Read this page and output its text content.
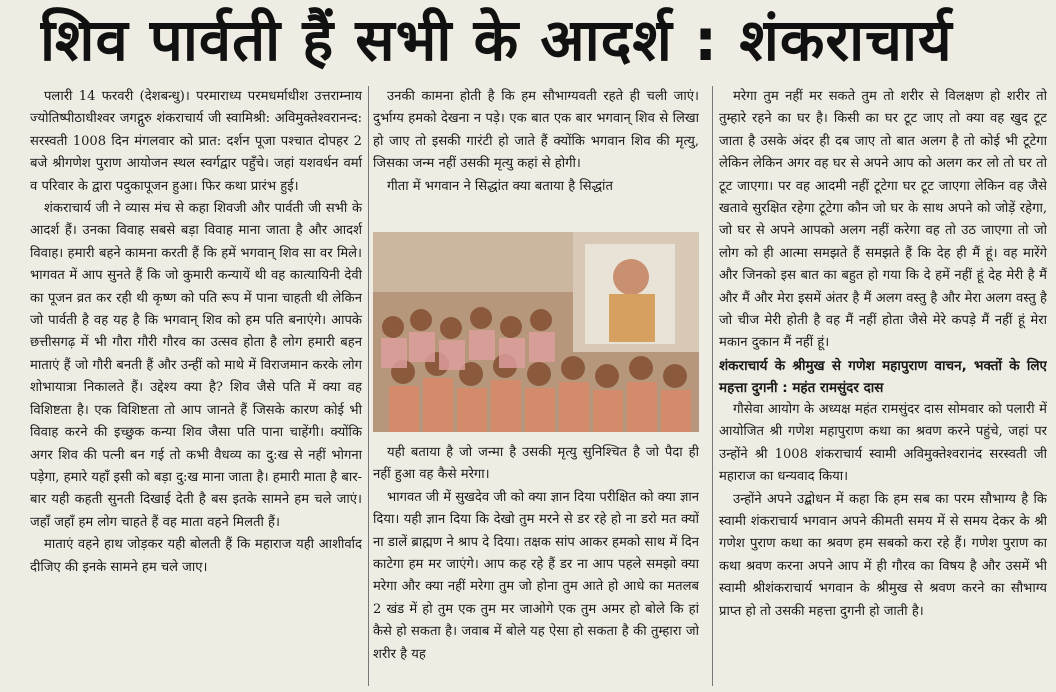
शिव पार्वती हैं सभी के आदर्श : शंकराचार्य

पलारी 14 फरवरी (देशबन्धु)। परमाराध्य परमधर्माधीश उत्तराम्नाय ज्योतिष्पीठाधीश्वर जगद्गुरु शंकराचार्य जी स्वामिश्री: अविमुक्तेश्वरानन्द: सरस्वती 1008 दिन मंगलवार को प्रात: दर्शन पूजा पश्चात दोपहर 2 बजे श्रीगणेश पुराण आयोजन स्थल स्वर्गद्वार पहुँचे। जहां यशवर्धन वर्मा व परिवार के द्वारा पदुकापूजन हुआ। फिर कथा प्रारंभ हुई।

शंकराचार्य जी ने व्यास मंच से कहा शिवजी और पार्वती जी सभी के आदर्श हैं। उनका विवाह सबसे बड़ा विवाह माना जाता है और आदर्श विवाह। हमारी बहने कामना करती हैं कि हमें भगवान् शिव सा वर मिले। भागवत में आप सुनते हैं कि जो कुमारी कन्यायें थी वह कात्यायिनी देवी का पूजन व्रत कर रही थी कृष्ण को पति रूप में पाना चाहती थी लेकिन जो पार्वती है वह यह है कि भगवान् शिव को हम पति बनाएंगे। आपके छत्तीसगढ़ में भी गौरा गौरी गौरव का उत्सव होता है लोग हमारी बहन माताएं हैं जो गौरी बनती हैं और उन्हीं को माथे में विराजमान करके लोग शोभायात्रा निकालते हैं। उद्देश्य क्या है? शिव जैसे पति में क्या वह विशिष्टता है। एक विशिष्टता तो आप जानते हैं जिसके कारण कोई भी विवाह करने की इच्छुक कन्या शिव जैसा पति पाना चाहेंगी। क्योंकि अगर शिव की पत्नी बन गई तो कभी वैधव्य का दु:ख से नहीं भोगना पड़ेगा, हमारे यहाँ इसी को बड़ा दु:ख माना जाता है। हमारी माता है बार-बार यही कहती सुनती दिखाई देती है बस इतके सामने हम चले जाएं। जहाँ जहाँ हम लोग चाहते हैं वह माता वहने मिलती हैं।

माताएं वहने हाथ जोड़कर यही बोलती हैं कि महाराज यही आशीर्वाद दीजिए की इनके सामने हम चले जाए।

उनकी कामना होती है कि हम सौभाग्यवती रहते ही चली जाएं। दुर्भाग्य हमको देखना न पड़े। एक बात एक बार भगवान् शिव से लिखा हो जाए तो इसकी गारंटी हो जाते हैं क्योंकि भगवान शिव की मृत्यु, जिसका जन्म नहीं उसकी मृत्यु कहां से होगी।

गीता में भगवान ने सिद्धांत क्या बताया है सिद्धांत

यही बताया है जो जन्मा है उसकी मृत्यु सुनिश्चित है जो पैदा ही नहीं हुआ वह कैसे मरेगा।

भागवत जी में सुखदेव जी को क्या ज्ञान दिया परीक्षित को क्या ज्ञान दिया। यही ज्ञान दिया कि देखो तुम मरने से डर रहे हो ना डरो मत क्यों ना डालें ब्राह्मण ने श्राप दे दिया। तक्षक सांप आकर हमको साथ में दिन काटेगा हम मर जाएंगे। आप कह रहे हैं डर ना आप पहले समझो क्या मरेगा और क्या नहीं मरेगा तुम जो होना तुम आते हो आधे का मतलब 2 खंड में हो तुम एक तुम मर जाओगे एक तुम अमर हो बोले कि हां कैसे हो सकता है। जवाब में बोले यह ऐसा हो सकता है की तुम्हारा जो शरीर है यह

मरेगा तुम नहीं मर सकते तुम तो शरीर से विलक्षण हो शरीर तो तुम्हारे रहने का घर है। किसी का घर टूट जाए तो क्या वह खुद टूट जाता है उसके अंदर ही दब जाए तो बात अलग है तो कोई भी टूटेगा लेकिन लेकिन अगर वह घर से अपने आप को अलग कर लो तो घर तो टूट जाएगा। पर वह आदमी नहीं टूटेगा घर टूट जाएगा लेकिन वह जैसे खतावे सुरक्षित रहेगा टूटेगा कौन जो घर के साथ अपने को जोड़ें रहेगा, जो घर से अपने आपको अलग नहीं करेगा वह तो उठ जाएगा तो जो लोग को ही आत्मा समझते हैं समझते हैं कि देह ही मैं हूं। वह मारेंगे और जिनको इस बात का बहुत हो गया कि दे हमें नहीं हूं देह मेरी है मैं और मैं और मेरा इसमें अंतर है मैं अलग वस्तु है और मेरा अलग वस्तु है जो चीज मेरी होती है वह मैं नहीं होता जैसे मेरे कपड़े मैं नहीं हूं मेरा मकान दुकान मैं नहीं हूं।

शंकराचार्य के श्रीमुख से गणेश महापुराण वाचन, भक्तों के लिए महत्ता दुगनी : महंत रामसुंदर दास

गौसेवा आयोग के अध्यक्ष महंत रामसुंदर दास सोमवार को पलारी में आयोजित श्री गणेश महापुराण कथा का श्रवण करने पहुंचे, जहां पर उन्होंने श्री 1008 शंकराचार्य स्वामी अविमुक्तेश्वरानंद सरस्वती जी महाराज का धन्यवाद किया।

उन्होंने अपने उद्बोधन में कहा कि हम सब का परम सौभाग्य है कि स्वामी शंकराचार्य भगवान अपने कीमती समय में से समय देकर के श्री गणेश पुराण कथा का श्रवण हम सबको करा रहे हैं। गणेश पुराण का कथा श्रवण करना अपने आप में ही गौरव का विषय है और उसमें भी स्वामी श्रीशंकराचार्य भगवान के श्रीमुख से श्रवण करने का सौभाग्य प्राप्त हो तो उसकी महत्ता दुगनी हो जाती है।
